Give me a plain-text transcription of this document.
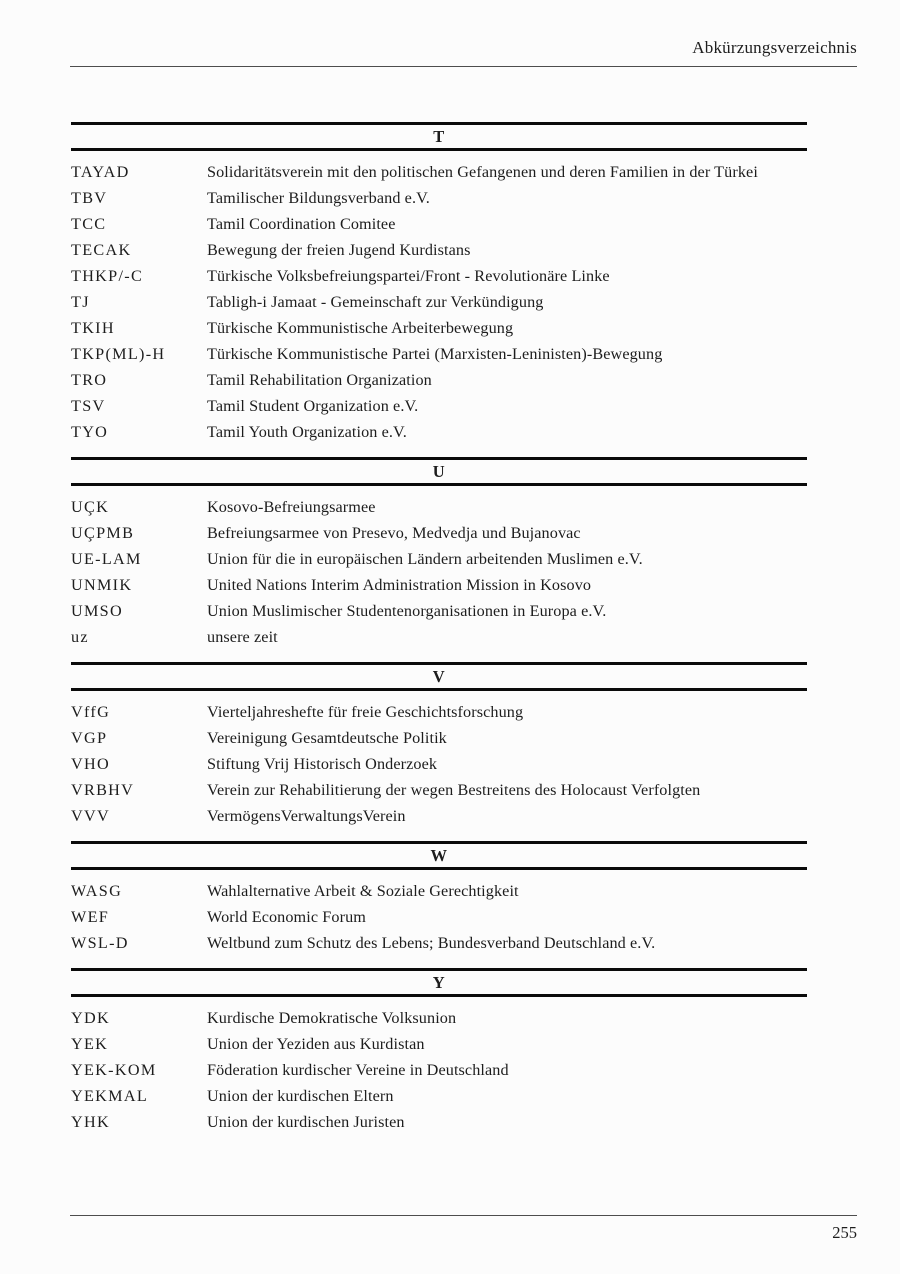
Abkürzungsverzeichnis
T
TAYAD	Solidaritätsverein mit den politischen Gefangenen und deren Familien in der Türkei
TBV	Tamilischer Bildungsverband e.V.
TCC	Tamil Coordination Comitee
TECAK	Bewegung der freien Jugend Kurdistans
THKP/-C	Türkische Volksbefreiungspartei/Front - Revolutionäre Linke
TJ	Tabligh-i Jamaat - Gemeinschaft zur Verkündigung
TKIH	Türkische Kommunistische Arbeiterbewegung
TKP(ML)-H	Türkische Kommunistische Partei (Marxisten-Leninisten)-Bewegung
TRO	Tamil Rehabilitation Organization
TSV	Tamil Student Organization e.V.
TYO	Tamil Youth Organization e.V.
U
UÇK	Kosovo-Befreiungsarmee
UÇPMB	Befreiungsarmee von Presevo, Medvedja und Bujanovac
UE-LAM	Union für die in europäischen Ländern arbeitenden Muslimen e.V.
UNMIK	United Nations Interim Administration Mission in Kosovo
UMSO	Union Muslimischer Studentenorganisationen in Europa e.V.
uz	unsere zeit
V
VffG	Vierteljahreshefte für freie Geschichtsforschung
VGP	Vereinigung Gesamtdeutsche Politik
VHO	Stiftung Vrij Historisch Onderzoek
VRBHV	Verein zur Rehabilitierung der wegen Bestreitens des Holocaust Verfolgten
VVV	VermögensVerwaltungsVerein
W
WASG	Wahlalternative Arbeit & Soziale Gerechtigkeit
WEF	World Economic Forum
WSL-D	Weltbund zum Schutz des Lebens; Bundesverband Deutschland e.V.
Y
YDK	Kurdische Demokratische Volksunion
YEK	Union der Yeziden aus Kurdistan
YEK-KOM	Föderation kurdischer Vereine in Deutschland
YEKMAL	Union der kurdischen Eltern
YHK	Union der kurdischen Juristen
255
